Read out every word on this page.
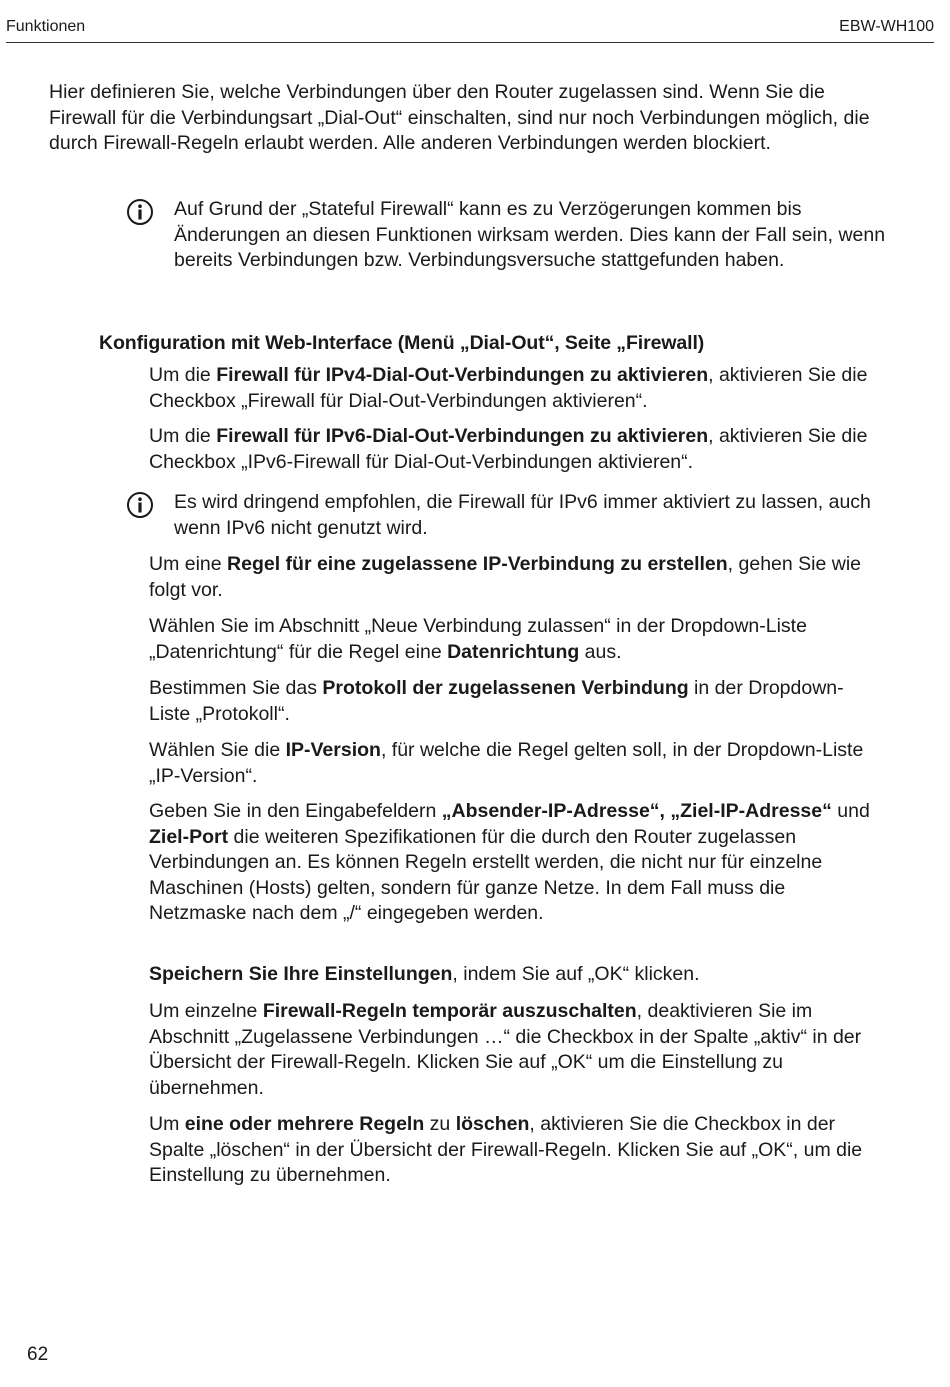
Funktionen	EBW-WH100

Hier definieren Sie, welche Verbindungen über den Router zugelassen sind. Wenn Sie die Firewall für die Verbindungsart „Dial-Out“ einschalten, sind nur noch Verbindungen möglich, die durch Firewall-Regeln erlaubt werden. Alle anderen Verbindungen werden blockiert.

Auf Grund der „Stateful Firewall“ kann es zu Verzögerungen kommen bis Änderungen an diesen Funktionen wirksam werden. Dies kann der Fall sein, wenn bereits Verbindungen bzw. Verbindungsversuche stattgefunden haben.

Konfiguration mit Web-Interface (Menü „Dial-Out“, Seite „Firewall)

Um die Firewall für IPv4-Dial-Out-Verbindungen zu aktivieren, aktivieren Sie die Checkbox „Firewall für Dial-Out-Verbindungen aktivieren“.

Um die Firewall für IPv6-Dial-Out-Verbindungen zu aktivieren, aktivieren Sie die Checkbox „IPv6-Firewall für Dial-Out-Verbindungen aktivieren“.

Es wird dringend empfohlen, die Firewall für IPv6 immer aktiviert zu lassen, auch wenn IPv6 nicht genutzt wird.

Um eine Regel für eine zugelassene IP-Verbindung zu erstellen, gehen Sie wie folgt vor.

Wählen Sie im Abschnitt „Neue Verbindung zulassen“ in der Dropdown-Liste „Datenrichtung“ für die Regel eine Datenrichtung aus.

Bestimmen Sie das Protokoll der zugelassenen Verbindung in der Dropdown-Liste „Protokoll“.

Wählen Sie die IP-Version, für welche die Regel gelten soll, in der Dropdown-Liste „IP-Version“.

Geben Sie in den Eingabefeldern „Absender-IP-Adresse“, „Ziel-IP-Adresse“ und Ziel-Port die weiteren Spezifikationen für die durch den Router zugelassen Verbindungen an. Es können Regeln erstellt werden, die nicht nur für einzelne Maschinen (Hosts) gelten, sondern für ganze Netze. In dem Fall muss die Netzmaske nach dem „/“ eingegeben werden.

Speichern Sie Ihre Einstellungen, indem Sie auf „OK“ klicken.

Um einzelne Firewall-Regeln temporär auszuschalten, deaktivieren Sie im Abschnitt „Zugelassene Verbindungen …“ die Checkbox in der Spalte „aktiv“ in der Übersicht der Firewall-Regeln. Klicken Sie auf „OK“ um die Einstellung zu übernehmen.

Um eine oder mehrere Regeln zu löschen, aktivieren Sie die Checkbox in der Spalte „löschen“ in der Übersicht der Firewall-Regeln. Klicken Sie auf „OK“, um die Einstellung zu übernehmen.

62
